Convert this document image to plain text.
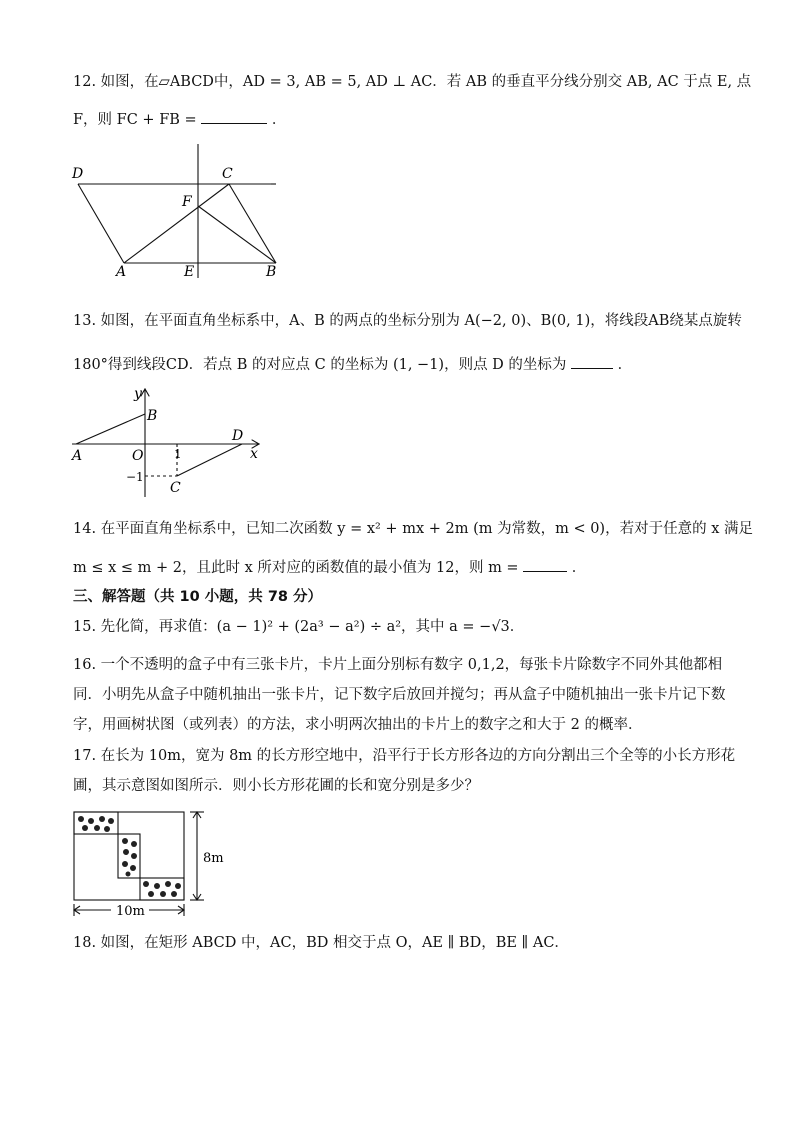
12. 如图，在▱ABCD中，AD = 3, AB = 5, AD ⊥ AC．若 AB 的垂直平分线分别交 AB, AC 于点 E, 点
F，则 FC + FB =	．
D	C
F
A	E	B
13. 如图，在平面直角坐标系中，A、B 的两点的坐标分别为 A(−2, 0)、B(0, 1)，将线段AB绕某点旋转
180°得到线段CD．若点 B 的对应点 C 的坐标为 (1, −1)，则点 D 的坐标为	．
y
x
B
A	O
D
1
−1
C
14. 在平面直角坐标系中，已知二次函数 y = x² + mx + 2m (m 为常数，m < 0)，若对于任意的 x 满足
m ≤ x ≤ m + 2，且此时 x 所对应的函数值的最小值为 12，则 m =	．
三、解答题（共 10 小题，共 78 分）
15. 先化简，再求值：(a − 1)² + (2a³ − a²) ÷ a²，其中 a = −√3．
16. 一个不透明的盒子中有三张卡片，卡片上面分别标有数字 0,1,2，每张卡片除数字不同外其他都相
同．小明先从盒子中随机抽出一张卡片，记下数字后放回并搅匀；再从盒子中随机抽出一张卡片记下数
字，用画树状图（或列表）的方法，求小明两次抽出的卡片上的数字之和大于 2 的概率．
17. 在长为 10m，宽为 8m 的长方形空地中，沿平行于长方形各边的方向分割出三个全等的小长方形花
圃，其示意图如图所示．则小长方形花圃的长和宽分别是多少？
8m
10m
18. 如图，在矩形 ABCD 中，AC，BD 相交于点 O，AE ∥ BD，BE ∥ AC．
